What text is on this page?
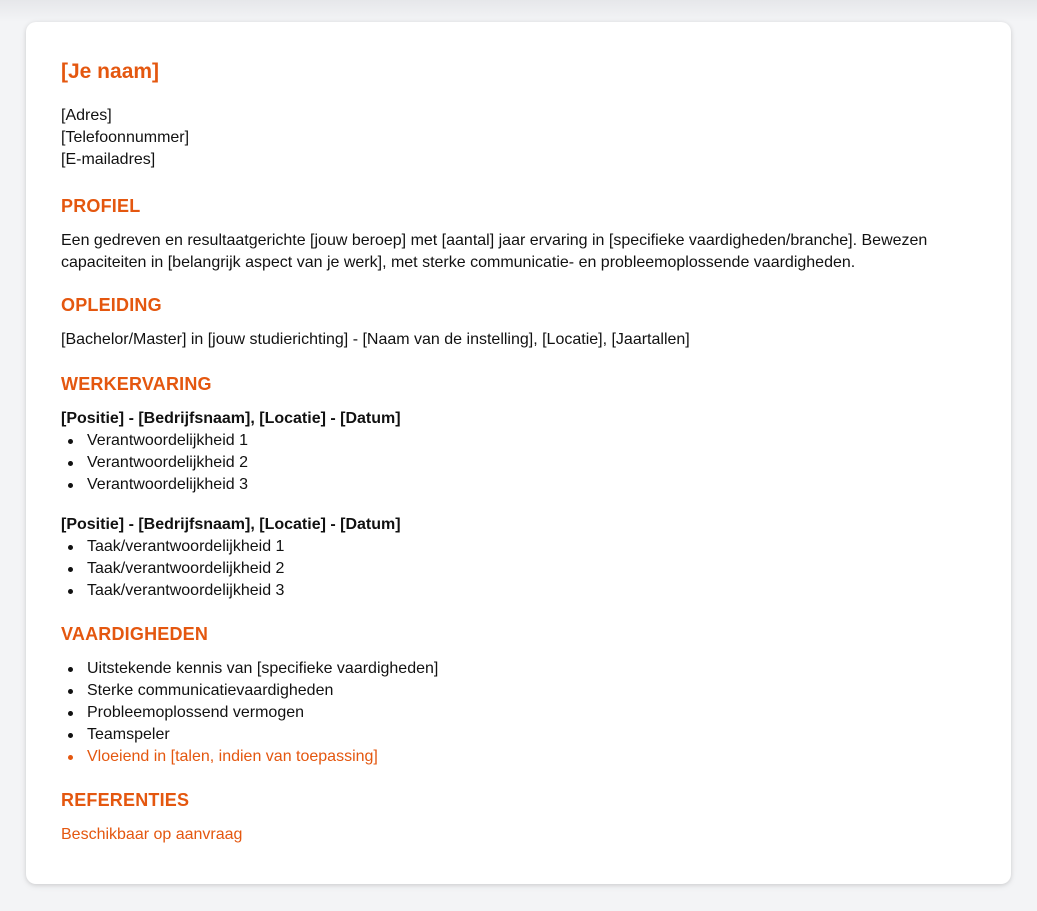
[Je naam]
[Adres]
[Telefoonnummer]
[E-mailadres]
PROFIEL
Een gedreven en resultaatgerichte [jouw beroep] met [aantal] jaar ervaring in [specifieke vaardigheden/branche]. Bewezen capaciteiten in [belangrijk aspect van je werk], met sterke communicatie- en probleemoplossende vaardigheden.
OPLEIDING
[Bachelor/Master] in [jouw studierichting] - [Naam van de instelling], [Locatie], [Jaartallen]
WERKERVARING
[Positie] - [Bedrijfsnaam], [Locatie] - [Datum]
Verantwoordelijkheid 1
Verantwoordelijkheid 2
Verantwoordelijkheid 3
[Positie] - [Bedrijfsnaam], [Locatie] - [Datum]
Taak/verantwoordelijkheid 1
Taak/verantwoordelijkheid 2
Taak/verantwoordelijkheid 3
VAARDIGHEDEN
Uitstekende kennis van [specifieke vaardigheden]
Sterke communicatievaardigheden
Probleemoplossend vermogen
Teamspeler
Vloeiend in [talen, indien van toepassing]
REFERENTIES
Beschikbaar op aanvraag
